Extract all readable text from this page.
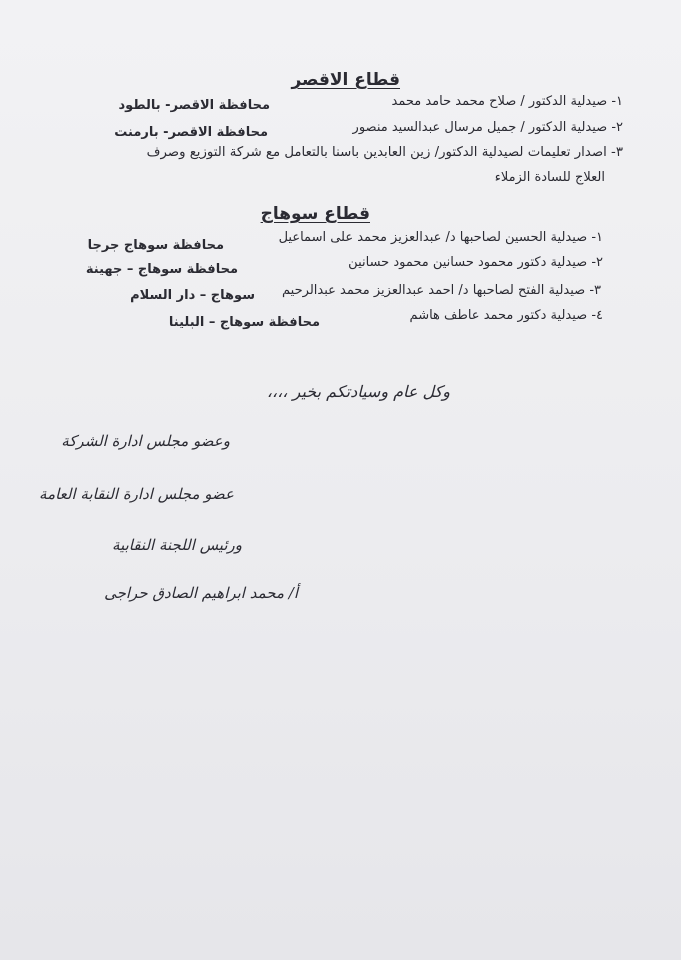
قطاع الاقصر
١- صيدلية الدكتور / صلاح محمد حامد محمد
محافظة الاقصر- بالطود
٢- صيدلية الدكتور / جميل مرسال عبدالسيد منصور
محافظة الاقصر- بارمنت
٣- اصدار تعليمات لصيدلية الدكتور/ زين العابدين باسنا بالتعامل مع شركة التوزيع وصرف
العلاج للسادة الزملاء
قطاع سوهاج
١- صيدلية الحسين لصاحبها د/ عبدالعزيز محمد على اسماعيل
محافظة سوهاج جرجا
٢- صيدلية دكتور محمود حسانين محمود حسانين
محافظة سوهاج – جهينة
٣- صيدلية الفتح لصاحبها د/ احمد عبدالعزيز محمد عبدالرحيم
سوهاج – دار السلام
٤- صيدلية دكتور محمد عاطف هاشم
محافظة سوهاج – البلينا
وكل عام وسيادتكم بخير ،،،،
وعضو مجلس ادارة الشركة
عضو مجلس ادارة النقابة العامة
ورئيس اللجنة النقابية
أ/ محمد ابراهيم الصادق حراجى
